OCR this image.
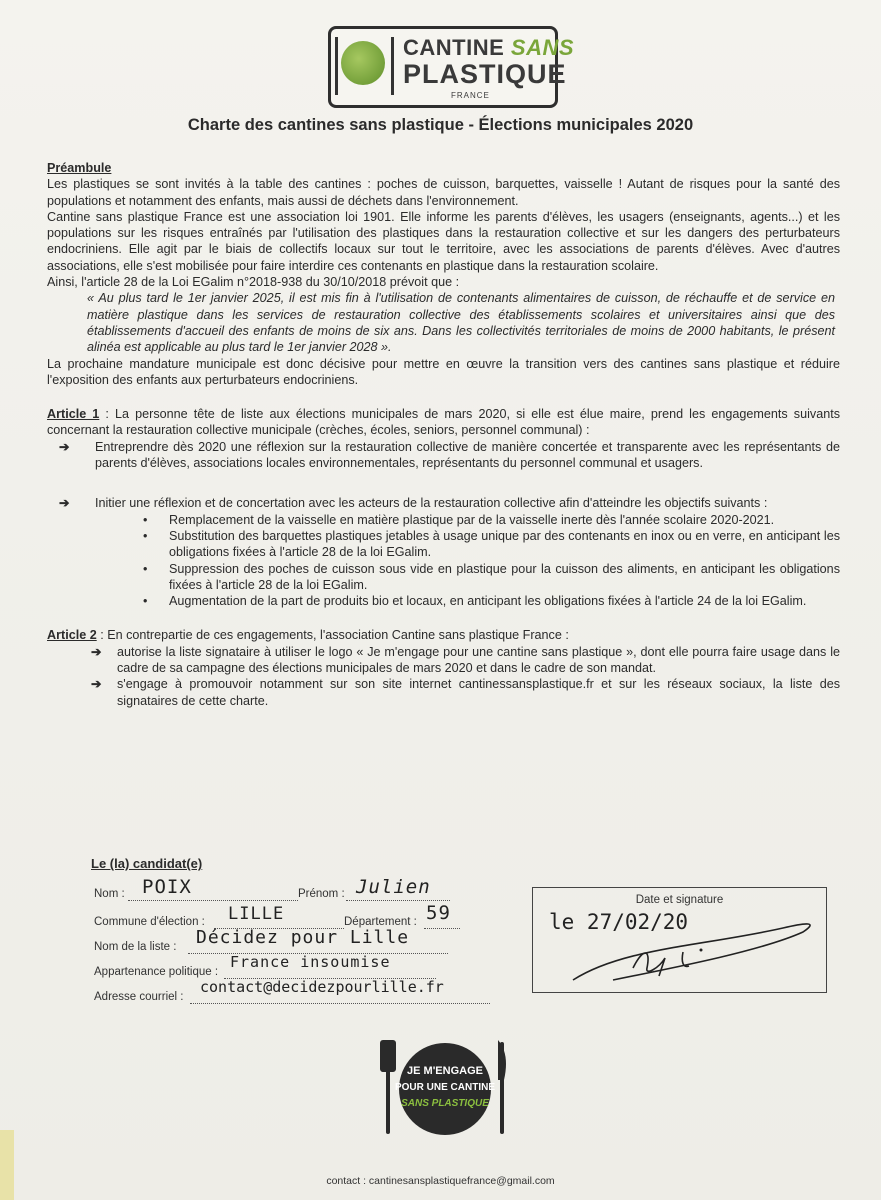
CANTINE SANS
PLASTIQUE
FRANCE
Charte des cantines sans plastique - Élections municipales 2020

Préambule

Les plastiques se sont invités à la table des cantines : poches de cuisson, barquettes, vaisselle ! Autant de risques pour la santé des populations et notamment des enfants, mais aussi de déchets dans l'environnement.

Cantine sans plastique France est une association loi 1901. Elle informe les parents d'élèves, les usagers (enseignants, agents...) et les populations sur les risques entraînés par l'utilisation des plastiques dans la restauration collective et sur les dangers des perturbateurs endocriniens. Elle agit par le biais de collectifs locaux sur tout le territoire, avec les associations de parents d'élèves. Avec d'autres associations, elle s'est mobilisée pour faire interdire ces contenants en plastique dans la restauration scolaire.

Ainsi, l'article 28 de la Loi EGalim n°2018-938 du 30/10/2018 prévoit que :

« Au plus tard le 1er janvier 2025, il est mis fin à l'utilisation de contenants alimentaires de cuisson, de réchauffe et de service en matière plastique dans les services de restauration collective des établissements scolaires et universitaires ainsi que des établissements d'accueil des enfants de moins de six ans. Dans les collectivités territoriales de moins de 2000 habitants, le présent alinéa est applicable au plus tard le 1er janvier 2028 ».

La prochaine mandature municipale est donc décisive pour mettre en œuvre la transition vers des cantines sans plastique et réduire l'exposition des enfants aux perturbateurs endocriniens.

Article 1 : La personne tête de liste aux élections municipales de mars 2020, si elle est élue maire, prend les engagements suivants concernant la restauration collective municipale (crèches, écoles, seniors, personnel communal) :

➔	Entreprendre dès 2020 une réflexion sur la restauration collective de manière concertée et transparente avec les représentants de parents d'élèves, associations locales environnementales, représentants du personnel communal et usagers.
➔	Initier une réflexion et de concertation avec les acteurs de la restauration collective afin d'atteindre les objectifs suivants :
• Remplacement de la vaisselle en matière plastique par de la vaisselle inerte dès l'année scolaire 2020-2021.
• Substitution des barquettes plastiques jetables à usage unique par des contenants en inox ou en verre, en anticipant les obligations fixées à l'article 28 de la loi EGalim.
• Suppression des poches de cuisson sous vide en plastique pour la cuisson des aliments, en anticipant les obligations fixées à l'article 28 de la loi EGalim.
• Augmentation de la part de produits bio et locaux, en anticipant les obligations fixées à l'article 24 de la loi EGalim.

Article 2 : En contrepartie de ces engagements, l'association Cantine sans plastique France :

➔	autorise la liste signataire à utiliser le logo « Je m'engage pour une cantine sans plastique », dont elle pourra faire usage dans le cadre de sa campagne des élections municipales de mars 2020 et dans le cadre de son mandat.
➔	s'engage à promouvoir notamment sur son site internet cantinessansplastique.fr et sur les réseaux sociaux, la liste des signataires de cette charte.
Le (la) candidat(e)
Nom : POIX	Prénom : Julien
Commune d'élection : LILLE	Département : 59
Nom de la liste : Décidez pour Lille
Appartenance politique :
France insoumise
Adresse courriel :
contact@decidezpourlille.fr
Date et signature
le 27/02/20
JE M'ENGAGE
POUR UNE CANTINE
SANS PLASTIQUE
contact : cantinesansplastiquefrance@gmail.com
